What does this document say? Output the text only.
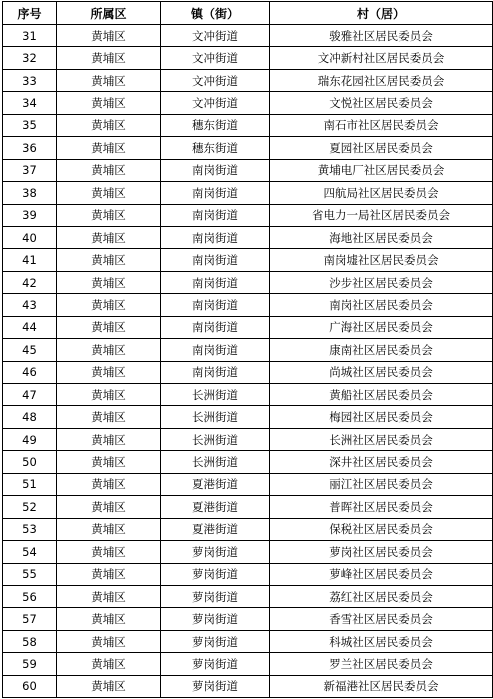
序号	所属区	镇（街）	村（居）
31	黄埔区	文冲街道	骏雅社区居民委员会
32	黄埔区	文冲街道	文冲新村社区居民委员会
33	黄埔区	文冲街道	瑞东花园社区居民委员会
34	黄埔区	文冲街道	文悦社区居民委员会
35	黄埔区	穗东街道	南石市社区居民委员会
36	黄埔区	穗东街道	夏园社区居民委员会
37	黄埔区	南岗街道	黄埔电厂社区居民委员会
38	黄埔区	南岗街道	四航局社区居民委员会
39	黄埔区	南岗街道	省电力一局社区居民委员会
40	黄埔区	南岗街道	海地社区居民委员会
41	黄埔区	南岗街道	南岗墟社区居民委员会
42	黄埔区	南岗街道	沙步社区居民委员会
43	黄埔区	南岗街道	南岗社区居民委员会
44	黄埔区	南岗街道	广海社区居民委员会
45	黄埔区	南岗街道	康南社区居民委员会
46	黄埔区	南岗街道	尚城社区居民委员会
47	黄埔区	长洲街道	黄船社区居民委员会
48	黄埔区	长洲街道	梅园社区居民委员会
49	黄埔区	长洲街道	长洲社区居民委员会
50	黄埔区	长洲街道	深井社区居民委员会
51	黄埔区	夏港街道	丽江社区居民委员会
52	黄埔区	夏港街道	普晖社区居民委员会
53	黄埔区	夏港街道	保税社区居民委员会
54	黄埔区	萝岗街道	萝岗社区居民委员会
55	黄埔区	萝岗街道	萝峰社区居民委员会
56	黄埔区	萝岗街道	荔红社区居民委员会
57	黄埔区	萝岗街道	香雪社区居民委员会
58	黄埔区	萝岗街道	科城社区居民委员会
59	黄埔区	萝岗街道	罗兰社区居民委员会
60	黄埔区	萝岗街道	新福港社区居民委员会
